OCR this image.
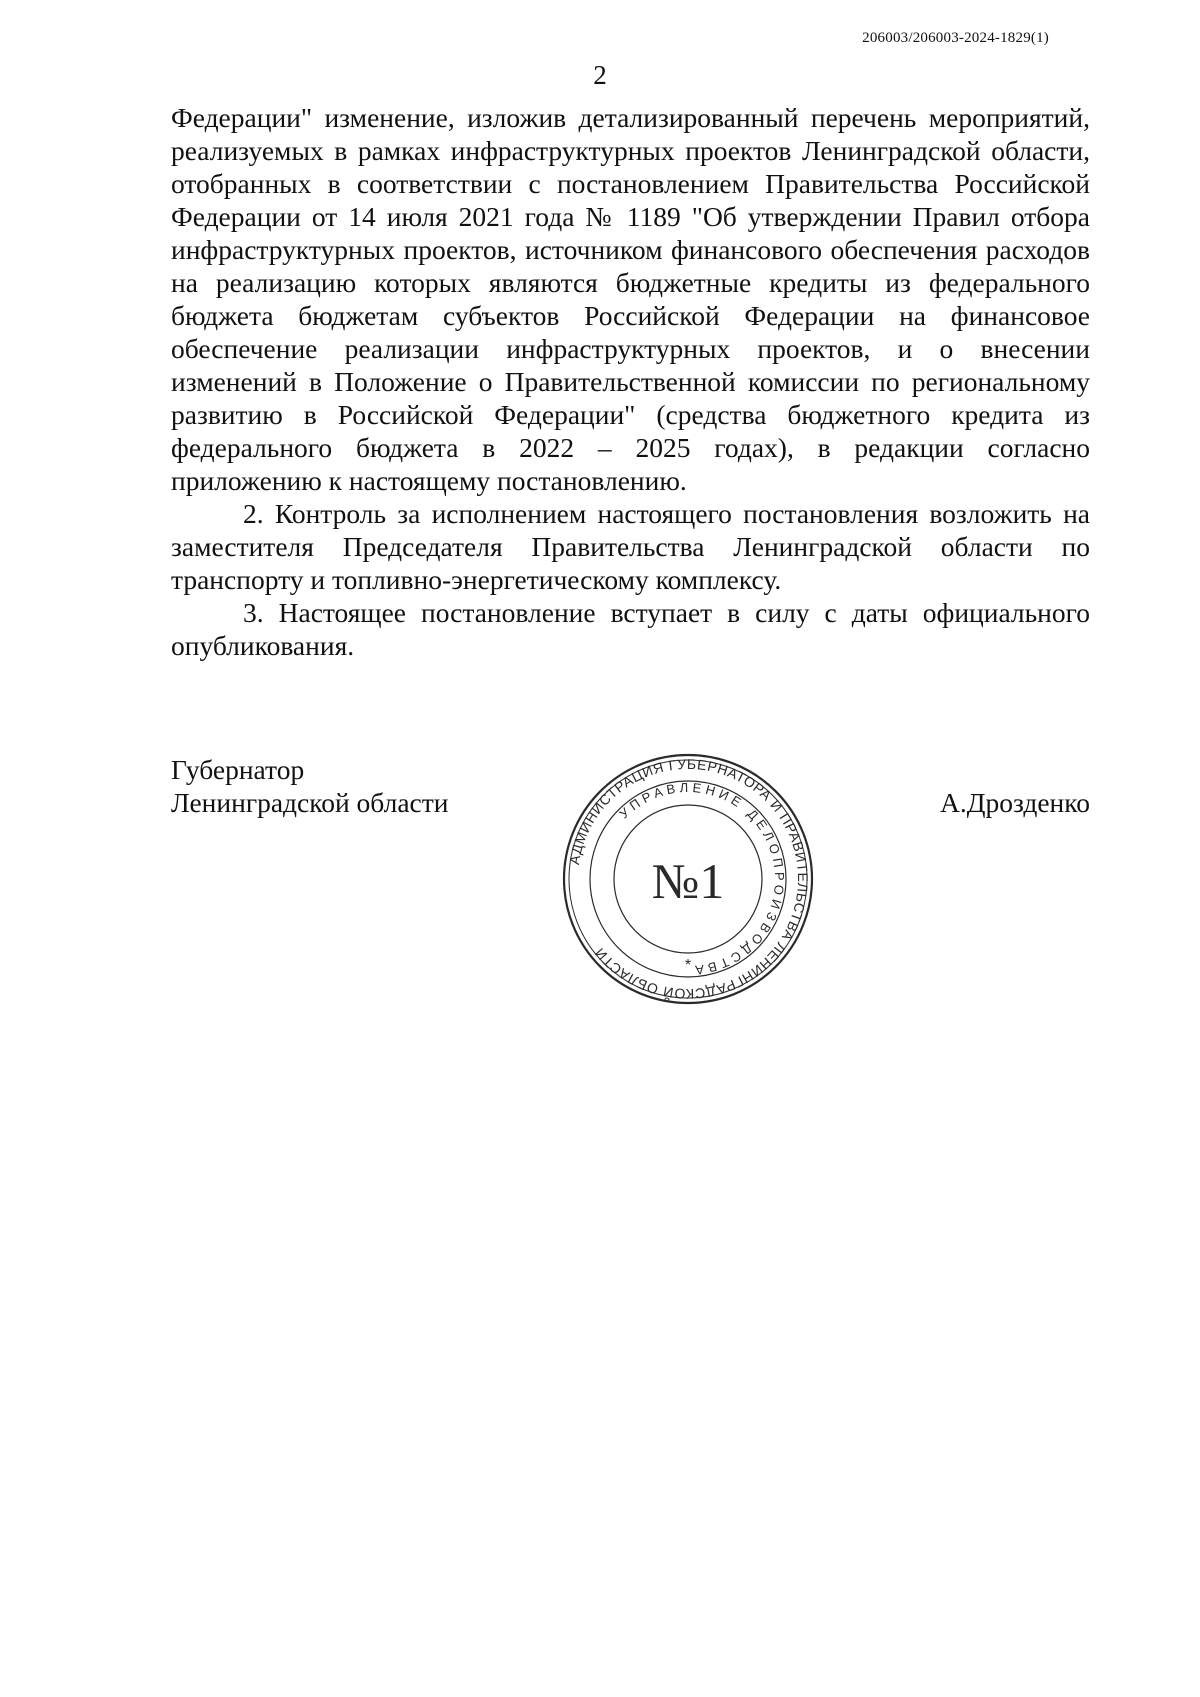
206003/206003-2024-1829(1)
2

Федерации" изменение, изложив детализированный перечень мероприятий, реализуемых в рамках инфраструктурных проектов Ленинградской области, отобранных в соответствии с постановлением Правительства Российской Федерации от 14 июля 2021 года № 1189 "Об утверждении Правил отбора инфраструктурных проектов, источником финансового обеспечения расходов на реализацию которых являются бюджетные кредиты из федерального бюджета бюджетам субъектов Российской Федерации на финансовое обеспечение реализации инфраструктурных проектов, и о внесении изменений в Положение о Правительственной комиссии по региональному развитию в Российской Федерации" (средства бюджетного кредита из федерального бюджета в 2022 – 2025 годах), в редакции согласно приложению к настоящему постановлению.

2. Контроль за исполнением настоящего постановления возложить на заместителя Председателя Правительства Ленинградской области по транспорту и топливно-энергетическому комплексу.

3. Настоящее постановление вступает в силу с даты официального опубликования.

Губернатор
Ленинградской области
АДМИНИСТРАЦИЯ ГУБЕРНАТОРА И ПРАВИТЕЛЬСТВА ЛЕНИНГРАДСКОЙ ОБЛАСТИ
УПРАВЛЕНИЕ ДЕЛОПРОИЗВОДСТВА
№1
*
А.Дрозденко
